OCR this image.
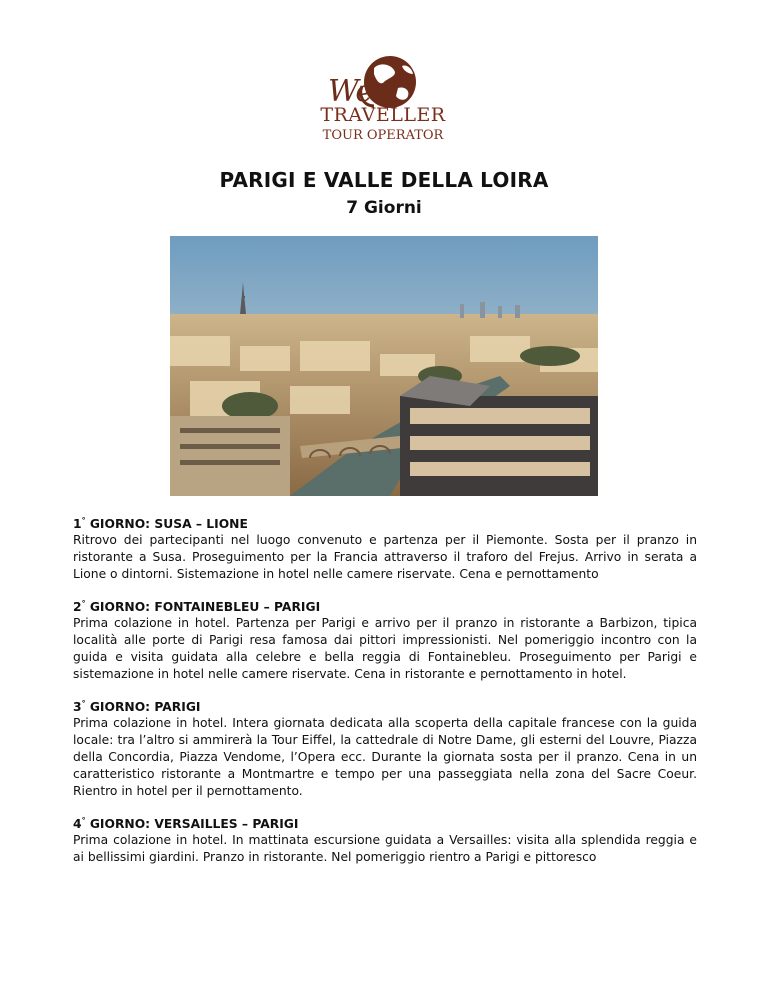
We
TRAVELLER
TOUR OPERATOR
PARIGI E VALLE DELLA LOIRA
7 Giorni
1° GIORNO: SUSA – LIONE
Ritrovo dei partecipanti nel luogo convenuto e partenza per il Piemonte. Sosta per il pranzo in ristorante a Susa. Proseguimento per la Francia attraverso il traforo del Frejus. Arrivo in serata a Lione o dintorni. Sistemazione in hotel nelle camere riservate. Cena e pernottamento
2° GIORNO: FONTAINEBLEU – PARIGI
Prima colazione in hotel. Partenza per Parigi e arrivo per il pranzo in ristorante a Barbizon, tipica località alle porte di Parigi resa famosa dai pittori impressionisti. Nel pomeriggio incontro con la guida e visita guidata alla celebre e bella reggia di Fontainebleu. Proseguimento per Parigi e sistemazione in hotel nelle camere riservate. Cena in ristorante e pernottamento in hotel.
3° GIORNO: PARIGI
Prima colazione in hotel. Intera giornata dedicata alla scoperta della capitale francese con la guida locale: tra l’altro si ammirerà la Tour Eiffel, la cattedrale di Notre Dame, gli esterni del Louvre, Piazza della Concordia, Piazza Vendome, l’Opera ecc. Durante la giornata sosta per il pranzo. Cena in un caratteristico ristorante a Montmartre e tempo per una passeggiata nella zona del Sacre Coeur. Rientro in hotel per il pernottamento.
4° GIORNO: VERSAILLES – PARIGI
Prima colazione in hotel. In mattinata escursione guidata a Versailles: visita alla splendida reggia e ai bellissimi giardini. Pranzo in ristorante. Nel pomeriggio rientro a Parigi e pittoresco
